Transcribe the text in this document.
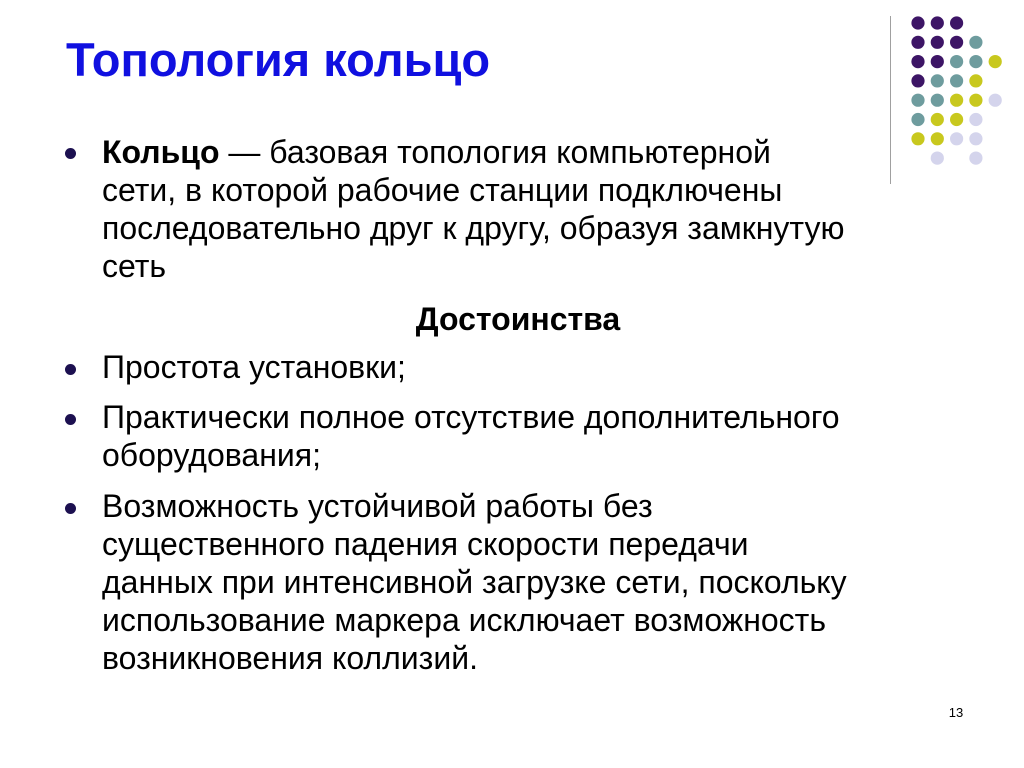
Топология кольцо
Кольцо — базовая топология компьютерной
сети, в которой рабочие станции подключены
последовательно друг к другу, образуя замкнутую
сеть
Достоинства
Простота установки;
Практически полное отсутствие дополнительного
оборудования;
Возможность устойчивой работы без
существенного падения скорости передачи
данных при интенсивной загрузке сети, поскольку
использование маркера исключает возможность
возникновения коллизий.
13
